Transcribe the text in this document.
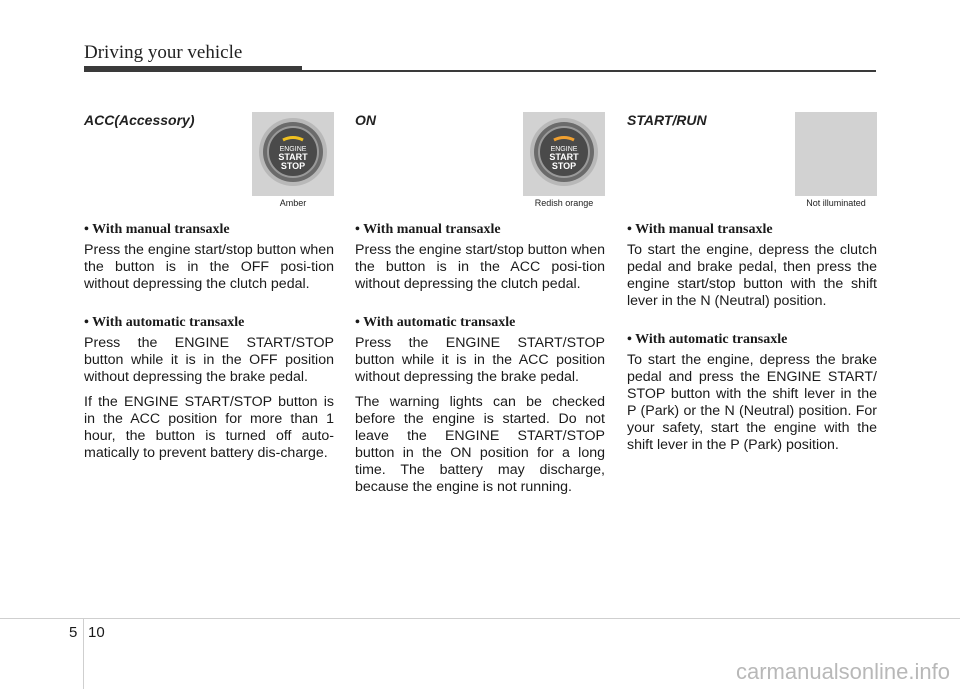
Driving your vehicle
ACC(Accessory)
ENGINE
START
STOP
Amber
• With manual transaxle

Press the engine start/stop button when the button is in the OFF posi-tion without depressing the clutch pedal.

• With automatic transaxle

Press the ENGINE START/STOP button while it is in the OFF position without depressing the brake pedal.

If the ENGINE START/STOP button is in the ACC position for more than 1 hour, the button is turned off auto-matically to prevent battery dis-charge.

ON
ENGINE
START
STOP
Redish orange
• With manual transaxle

Press the engine start/stop button when the button is in the ACC posi-tion without depressing the clutch pedal.

• With automatic transaxle

Press the ENGINE START/STOP button while it is in the ACC position without depressing the brake pedal.

The warning lights can be checked before the engine is started. Do not leave the ENGINE START/STOP button in the ON position for a long time. The battery may discharge, because the engine is not running.

START/RUN
Not illuminated
• With manual transaxle

To start the engine, depress the clutch pedal and brake pedal, then press the engine start/stop button with the shift lever in the N (Neutral) position.

• With automatic transaxle

To start the engine, depress the brake pedal and press the ENGINE START/ STOP button with the shift lever in the P (Park) or the N (Neutral) position. For your safety, start the engine with the shift lever in the P (Park) position.

5 10
carmanualsonline.info
